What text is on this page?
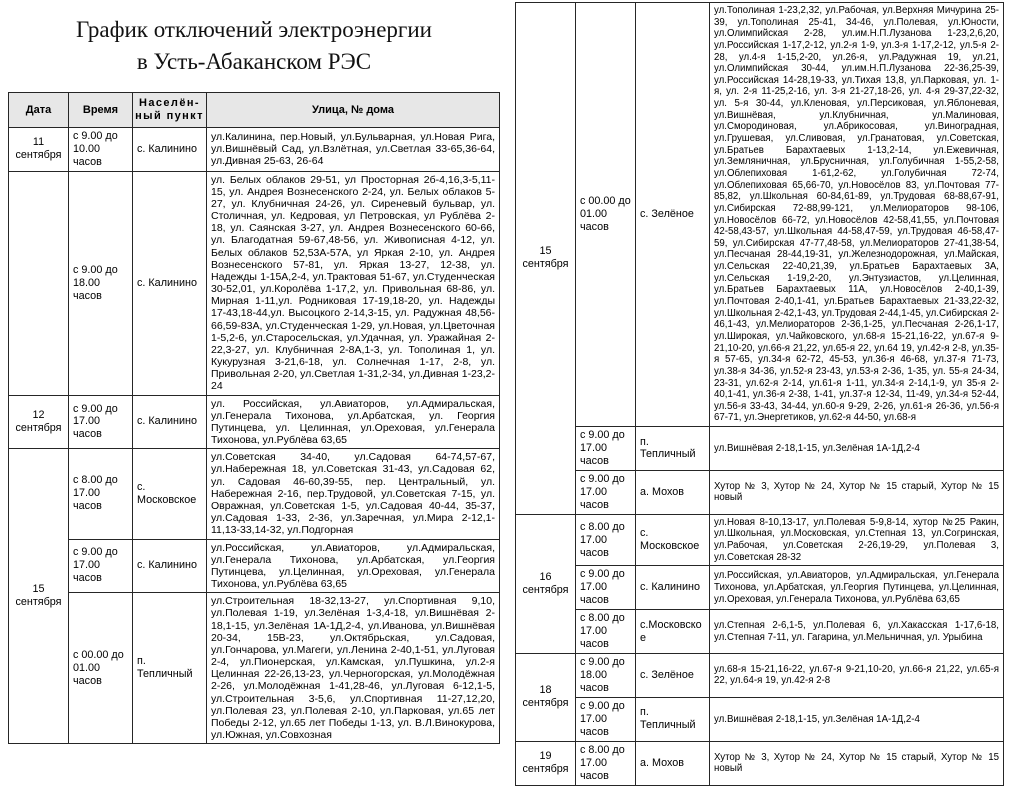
График отключений электроэнергии
в Усть-Абаканском РЭС
Дата	Время	Населён-ный пункт	Улица, № дома
11 сентября	с 9.00 до 10.00 часов	с. Калинино	ул.Калинина, пер.Новый, ул.Бульварная, ул.Новая Рига, ул.Вишнёвый Сад, ул.Взлётная, ул.Светлая 33-65,36-64, ул.Дивная 25-63, 26-64
	с 9.00 до 18.00 часов	с. Калинино	ул. Белых облаков 29-51, ул Просторная 2б-4,16,3-5,11-15, ул. Андрея Вознесенского 2-24, ул. Белых облаков 5-27, ул. Клубничная 24-26, ул. Сиреневый бульвар, ул. Столичная, ул. Кедровая, ул Петровская, ул Рублёва 2-18, ул. Саянская 3-27, ул. Андрея Вознесенского 60-66, ул. Благодатная 59-67,48-56, ул. Живописная 4-12, ул. Белых облаков 52,53А-57А, ул Яркая 2-10, ул. Андрея Вознесенского 57-81, ул. Яркая 13-27, 12-38, ул. Надежды 1-15А,2-4, ул.Трактовая 51-67, ул.Студенческая 30-52,01, ул.Королёва 1-17,2, ул. Привольная 68-86, ул. Мирная 1-11,ул. Родниковая 17-19,18-20, ул. Надежды 17-43,18-44,ул. Высоцкого 2-14,3-15, ул. Радужная 48,56-66,59-83А, ул.Студенческая 1-29, ул.Новая, ул.Цветочная 1-5,2-6, ул.Старосельская, ул.Удачная, ул. Уражайная 2-22,3-27, ул. Клубничная 2-8А,1-3, ул. Тополиная 1, ул. Кукурузная 3-21,6-18, ул. Солнечная 1-17, 2-8, ул. Привольная 2-20, ул.Светлая 1-31,2-34, ул.Дивная 1-23,2-24
12 сентября	с 9.00 до 17.00 часов	с. Калинино	ул. Российская, ул.Авиаторов, ул.Адмиральская, ул.Генерала Тихонова, ул.Арбатская, ул. Георгия Путинцева, ул. Целинная, ул.Ореховая, ул.Генерала Тихонова, ул.Рублёва 63,65
15 сентября	с 8.00 до 17.00 часов	с. Московское	ул.Советская 34-40, ул.Садовая 64-74,57-67, ул.Набережная 18, ул.Советская 31-43, ул.Садовая 62, ул. Садовая 46-60,39-55, пер. Центральный, ул. Набережная 2-16, пер.Трудовой, ул.Советская 7-15, ул. Овражная, ул.Советская 1-5, ул.Садовая 40-44, 35-37, ул.Садовая 1-33, 2-36, ул.Заречная, ул.Мира 2-12,1-11,13-33,14-32, ул.Подгорная
	с 9.00 до 17.00 часов	с. Калинино	ул.Российская, ул.Авиаторов, ул.Адмиральская, ул.Генерала Тихонова, ул.Арбатская, ул.Георгия Путинцева, ул.Целинная, ул.Ореховая, ул.Генерала Тихонова, ул.Рублёва 63,65
	с 00.00 до 01.00 часов	п. Тепличный	ул.Строительная 18-32,13-27, ул.Спортивная 9,10, ул.Полевая 1-19, ул.Зелёная 1-3,4-18, ул.Вишнёвая 2-18,1-15, ул.Зелёная 1А-1Д,2-4, ул.Иванова, ул.Вишнёвая 20-34, 15В-23, ул.Октябрьская, ул.Садовая, ул.Гончарова, ул.Магеги, ул.Ленина 2-40,1-51, ул.Луговая 2-4, ул.Пионерская, ул.Камская, ул.Пушкина, ул.2-я Целинная 22-26,13-23, ул.Черногорская, ул.Молодёжная 2-26, ул.Молодёжная 1-41,28-46, ул.Луговая 6-12,1-5, ул.Строительная 3-5,6, ул.Спортивная 11-27,12,20, ул.Полевая 23, ул.Полевая 2-10, ул.Парковая, ул.65 лет Победы 2-12, ул.65 лет Победы 1-13, ул. В.Л.Винокурова, ул.Южная, ул.Совхозная
15 сентября	с 00.00 до 01.00 часов	с. Зелёное	ул.Тополиная 1-23,2,32, ул.Рабочая, ул.Верхняя Мичурина 25-39, ул.Тополиная 25-41, 34-46, ул.Полевая, ул.Юности, ул.Олимпийская 2-28, ул.им.Н.П.Лузанова 1-23,2,6,20, ул.Российская 1-17,2-12, ул.2-я 1-9, ул.3-я 1-17,2-12, ул.5-я 2-28, ул.4-я 1-15,2-20, ул.26-я, ул.Радужная 19, ул.21, ул.Олимпийская 30-44, ул.им.Н.П.Лузанова 22-36,25-39, ул.Российская 14-28,19-33, ул.Тихая 13,8, ул.Парковая, ул. 1-я, ул. 2-я 11-25,2-16, ул. 3-я 21-27,18-26, ул. 4-я 29-37,22-32, ул. 5-я 30-44, ул.Кленовая, ул.Персиковая, ул.Яблоневая, ул.Вишнёвая, ул.Клубничная, ул.Малиновая, ул.Смородиновая, ул.Абрикосовая, ул.Виноградная, ул.Грушевая, ул.Сливовая, ул.Гранатовая, ул.Советская, ул.Братьев Барахтаевых 1-13,2-14, ул.Ежевичная, ул.Земляничная, ул.Брусничная, ул.Голубичная 1-55,2-58, ул.Облепиховая 1-61,2-62, ул.Голубичная 72-74, ул.Облепиховая 65,66-70, ул.Новосёлов 83, ул.Почтовая 77-85,82, ул.Школьная 60-84,61-89, ул.Трудовая 68-88,67-91, ул.Сибирская 72-88,99-121, ул.Мелиораторов 98-106, ул.Новосёлов 66-72, ул.Новосёлов 42-58,41,55, ул.Почтовая 42-58,43-57, ул.Школьная 44-58,47-59, ул.Трудовая 46-58,47-59, ул.Сибирская 47-77,48-58, ул.Мелиораторов 27-41,38-54, ул.Песчаная 28-44,19-31, ул.Железнодорожная, ул.Майская, ул.Сельская 22-40,21,39, ул.Братьев Барахтаевых 3А, ул.Сельская 1-19,2-20, ул.Энтузиастов, ул.Целинная, ул.Братьев Барахтаевых 11А, ул.Новосёлов 2-40,1-39, ул.Почтовая 2-40,1-41, ул.Братьев Барахтаевых 21-33,22-32, ул.Школьная 2-42,1-43, ул.Трудовая 2-44,1-45, ул.Сибирская 2-46,1-43, ул.Мелиораторов 2-36,1-25, ул.Песчаная 2-26,1-17, ул.Широкая, ул.Чайковского, ул.68-я 15-21,16-22, ул.67-я 9-21,10-20, ул.66-я 21,22, ул.65-я 22, ул.64 19, ул.42-я 2-8, ул.35-я 57-65, ул.34-я 62-72, 45-53, ул.36-я 46-68, ул.37-я 71-73, ул.38-я 34-36, ул.52-я 23-43, ул.53-я 2-36, 1-35, ул. 55-я 24-34, 23-31, ул.62-я 2-14, ул.61-я 1-11, ул.34-я 2-14,1-9, ул 35-я 2-40,1-41, ул.36-я 2-38, 1-41, ул.37-я 12-34, 11-49, ул.34-я 52-44, ул.56-я 33-43, 34-44, ул.60-я 9-29, 2-26, ул.61-я 26-36, ул.56-я 67-71, ул.Энергетиков, ул.62-я 44-50, ул.68-я
	с 9.00 до 17.00 часов	п. Тепличный	ул.Вишнёвая 2-18,1-15, ул.Зелёная 1А-1Д,2-4
	с 9.00 до 17.00 часов	а. Мохов	Хутор № 3, Хутор № 24, Хутор № 15 старый, Хутор № 15 новый
16 сентября	с 8.00 до 17.00 часов	с. Московское	ул.Новая 8-10,13-17, ул.Полевая 5-9,8-14, хутор №25 Ракин, ул.Школьная, ул.Московская, ул.Степная 13, ул.Согринская, ул.Рабочая, ул.Советская 2-26,19-29, ул.Полевая 3, ул.Советская 28-32
	с 9.00 до 17.00 часов	с. Калинино	ул.Российская, ул.Авиаторов, ул.Адмиральская, ул.Генерала Тихонова, ул.Арбатская, ул.Георгия Путинцева, ул.Целинная, ул.Ореховая, ул.Генерала Тихонова, ул.Рублёва 63,65
	с 8.00 до 17.00 часов	с.Московское	ул.Степная 2-6,1-5, ул.Полевая 6, ул.Хакасская 1-17,6-18, ул.Степная 7-11, ул. Гагарина, ул.Мельничная, ул. Урыбина
18 сентября	с 9.00 до 18.00 часов	с. Зелёное	ул.68-я 15-21,16-22, ул.67-я 9-21,10-20, ул.66-я 21,22, ул.65-я 22, ул.64-я 19, ул.42-я 2-8
	с 9.00 до 17.00 часов	п. Тепличный	ул.Вишнёвая 2-18,1-15, ул.Зелёная 1А-1Д,2-4
19 сентября	с 8.00 до 17.00 часов	а. Мохов	Хутор № 3, Хутор № 24, Хутор № 15 старый, Хутор № 15 новый
